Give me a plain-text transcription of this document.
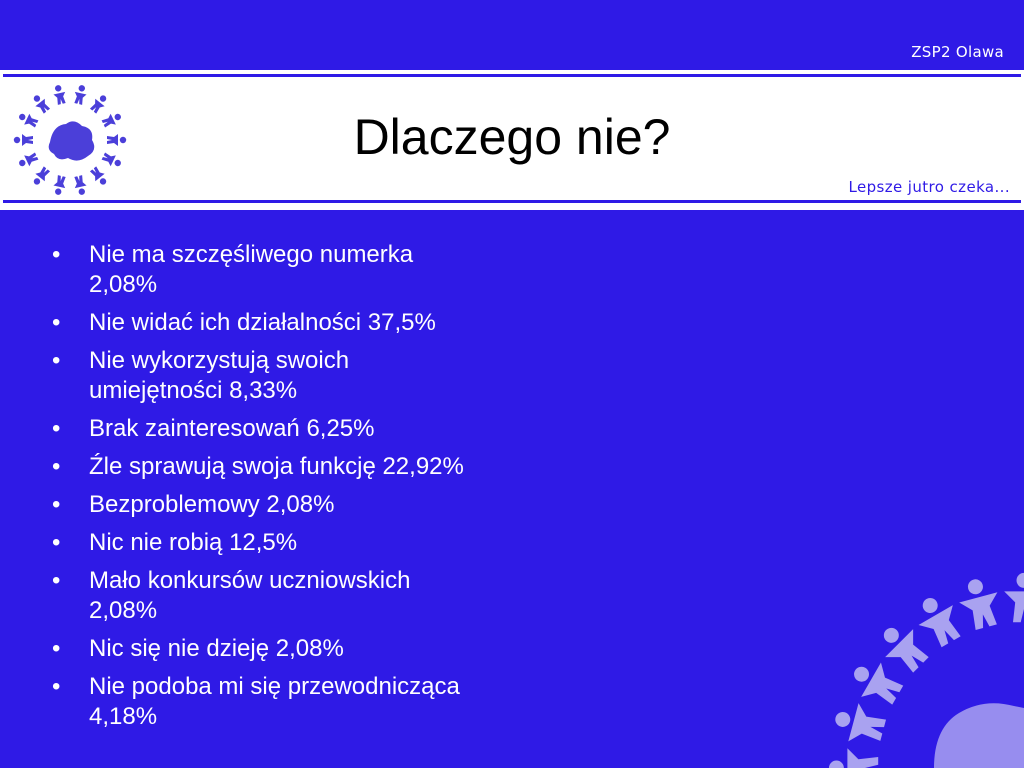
ZSP2 Olawa
Dlaczego nie?
Lepsze jutro czeka...
• Nie ma szczęśliwego numerka
2,08%
• Nie widać ich działalności 37,5%
• Nie wykorzystują swoich
umiejętności 8,33%
• Brak zainteresowań 6,25%
• Źle sprawują swoja funkcję 22,92%
• Bezproblemowy 2,08%
• Nic nie robią 12,5%
• Mało konkursów uczniowskich
2,08%
• Nic się nie dzieję 2,08%
• Nie podoba mi się przewodnicząca
4,18%
